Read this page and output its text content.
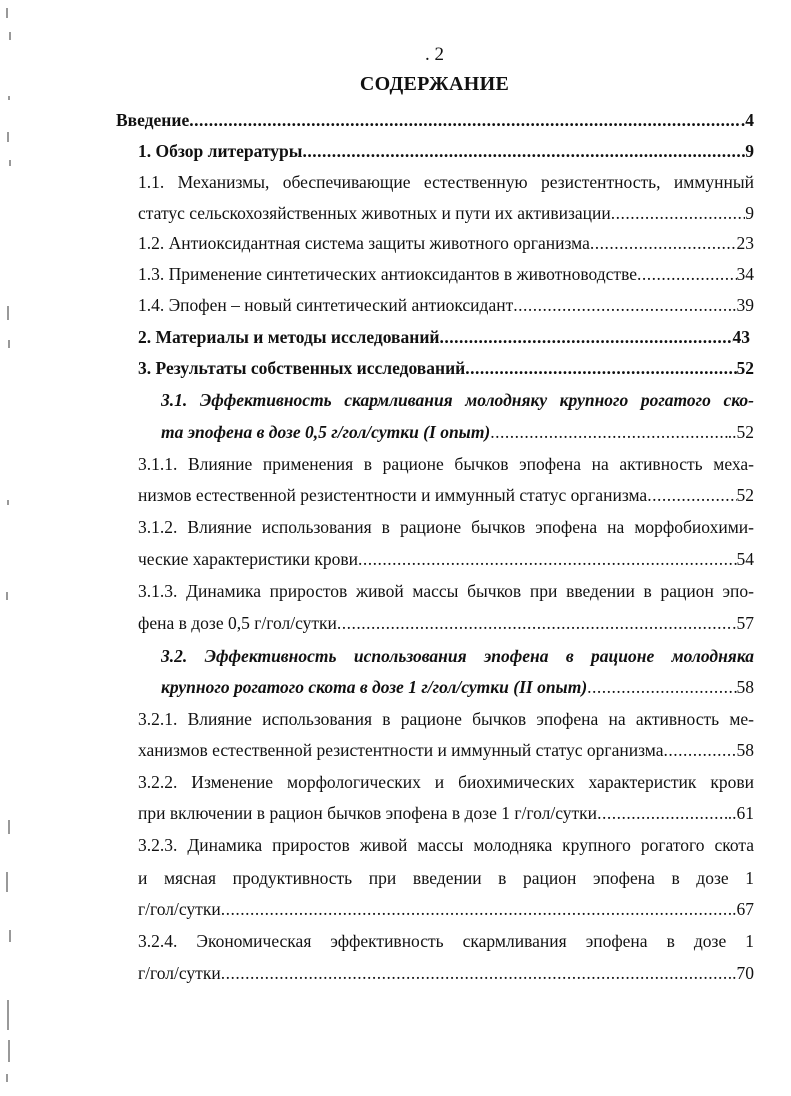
. 2
СОДЕРЖАНИЕ
Введение .....	.4
1. Обзор литературы .....	9
1.1. Механизмы, обеспечивающие естественную резистентность, иммунный
статус сельскохозяйственных животных и пути их активизации .....	9
1.2. Антиоксидантная система защиты животного организма .....	23
1.3. Применение синтетических антиоксидантов в животноводстве .....	34
1.4. Эпофен – новый синтетический антиоксидант .....	.39
2. Материалы и методы исследований .....	43
3. Результаты собственных исследований .....	52
3.1. Эффективность скармливания молодняку крупного рогатого ско-
та эпофена в дозе 0,5 г/гол/сутки (I опыт) .....	..52
3.1.1. Влияние применения в рационе бычков эпофена на активность меха-
низмов естественной резистентности и иммунный статус организма .....	52
3.1.2. Влияние использования в рационе бычков эпофена на морфобиохими-
ческие характеристики крови .....	54
3.1.3. Динамика приростов живой массы бычков при введении в рацион эпо-
фена в дозе 0,5 г/гол/сутки .....	.57
3.2. Эффективность использования эпофена в рационе молодняка
крупного рогатого скота в дозе 1 г/гол/сутки (II опыт) .....	58
3.2.1. Влияние использования в рационе бычков эпофена на активность ме-
ханизмов естественной резистентности и иммунный статус организма .....	58
3.2.2. Изменение морфологических и биохимических характеристик крови
при включении в рацион бычков эпофена в дозе 1 г/гол/сутки .....	..61
3.2.3. Динамика приростов живой массы молодняка крупного рогатого скота
и мясная продуктивность при введении в рацион эпофена в дозе 1
г/гол/сутки .....	.67
3.2.4. Экономическая эффективность скармливания эпофена в дозе 1
г/гол/сутки .....	.70
